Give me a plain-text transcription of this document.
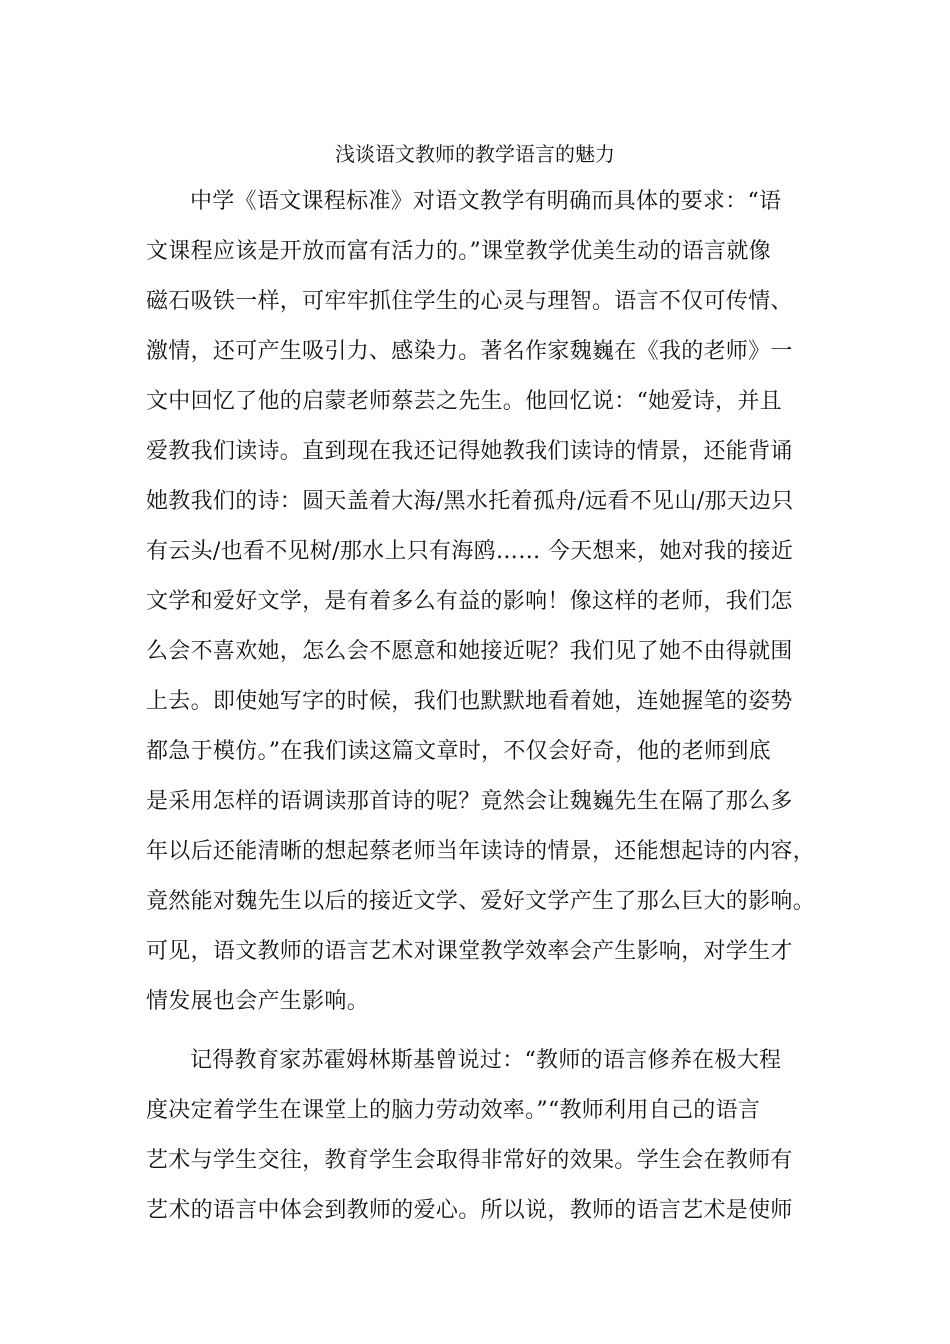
浅谈语文教师的教学语言的魅力
中学《语文课程标准》对语文教学有明确而具体的要求：“语
文课程应该是开放而富有活力的。”课堂教学优美生动的语言就像
磁石吸铁一样，可牢牢抓住学生的心灵与理智。语言不仅可传情、
激情，还可产生吸引力、感染力。著名作家魏巍在《我的老师》一
文中回忆了他的启蒙老师蔡芸之先生。他回忆说：“她爱诗，并且
爱教我们读诗。直到现在我还记得她教我们读诗的情景，还能背诵
她教我们的诗：圆天盖着大海/黑水托着孤舟/远看不见山/那天边只
有云头/也看不见树/那水上只有海鸥…… 今天想来，她对我的接近
文学和爱好文学，是有着多么有益的影响！像这样的老师，我们怎
么会不喜欢她，怎么会不愿意和她接近呢？我们见了她不由得就围
上去。即使她写字的时候，我们也默默地看着她，连她握笔的姿势
都急于模仿。”在我们读这篇文章时，不仅会好奇，他的老师到底
是采用怎样的语调读那首诗的呢？竟然会让魏巍先生在隔了那么多
年以后还能清晰的想起蔡老师当年读诗的情景，还能想起诗的内容，
竟然能对魏先生以后的接近文学、爱好文学产生了那么巨大的影响。
可见，语文教师的语言艺术对课堂教学效率会产生影响，对学生才
情发展也会产生影响。
记得教育家苏霍姆林斯基曾说过：“教师的语言修养在极大程
度决定着学生在课堂上的脑力劳动效率。”“教师利用自己的语言
艺术与学生交往，教育学生会取得非常好的效果。学生会在教师有
艺术的语言中体会到教师的爱心。所以说，教师的语言艺术是使师
